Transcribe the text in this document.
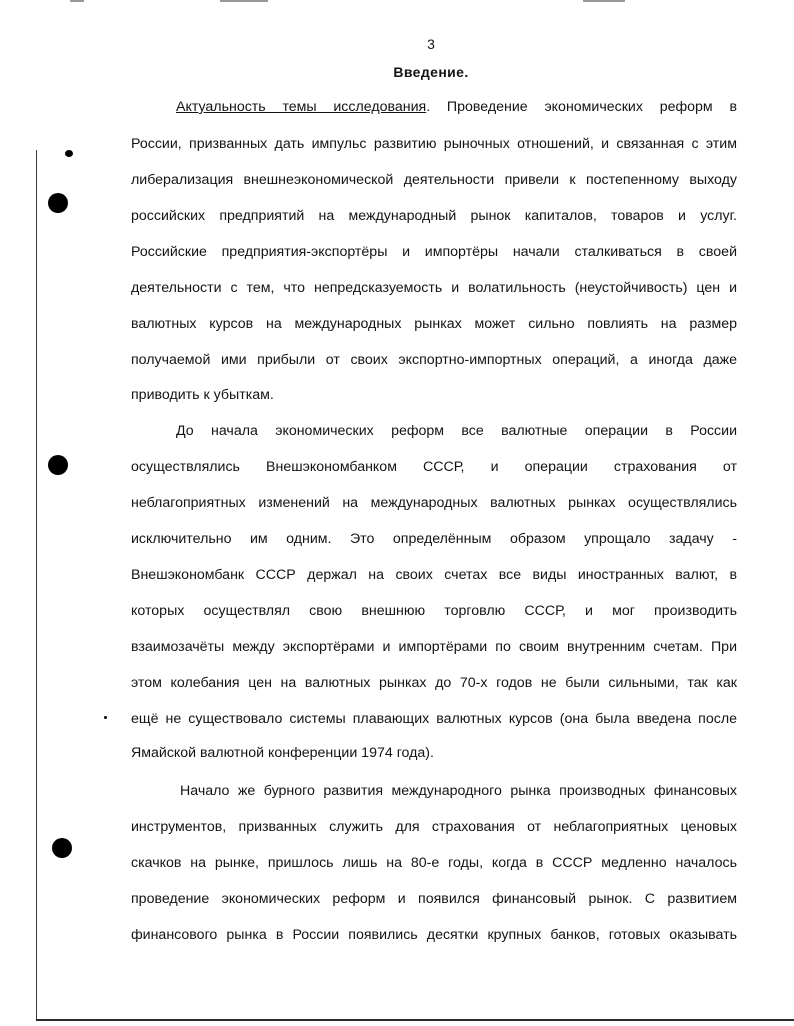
3
Введение.
Актуальность темы исследования. Проведение экономических реформ в
России, призванных дать импульс развитию рыночных отношений, и связанная с этим
либерализация внешнеэкономической деятельности привели к постепенному выходу
российских предприятий на международный рынок капиталов, товаров и услуг.
Российские предприятия-экспортёры и импортёры начали сталкиваться в своей
деятельности с тем, что непредсказуемость и волатильность (неустойчивость) цен и
валютных курсов на международных рынках может сильно повлиять на размер
получаемой ими прибыли от своих экспортно-импортных операций, а иногда даже
приводить к убыткам.
До начала экономических реформ все валютные операции в России
осуществлялись Внешэкономбанком СССР, и операции страхования от
неблагоприятных изменений на международных валютных рынках осуществлялись
исключительно им одним. Это определённым образом упрощало задачу -
Внешэкономбанк СССР держал на своих счетах все виды иностранных валют, в
которых осуществлял свою внешнюю торговлю СССР, и мог производить
взаимозачёты между экспортёрами и импортёрами по своим внутренним счетам. При
этом колебания цен на валютных рынках до 70-х годов не были сильными, так как
ещё не существовало системы плавающих валютных курсов (она была введена после
Ямайской валютной конференции 1974 года).
Начало же бурного развития международного рынка производных финансовых
инструментов, призванных служить для страхования от неблагоприятных ценовых
скачков на рынке, пришлось лишь на 80-е годы, когда в СССР медленно началось
проведение экономических реформ и появился финансовый рынок. С развитием
финансового рынка в России появились десятки крупных банков, готовых оказывать
